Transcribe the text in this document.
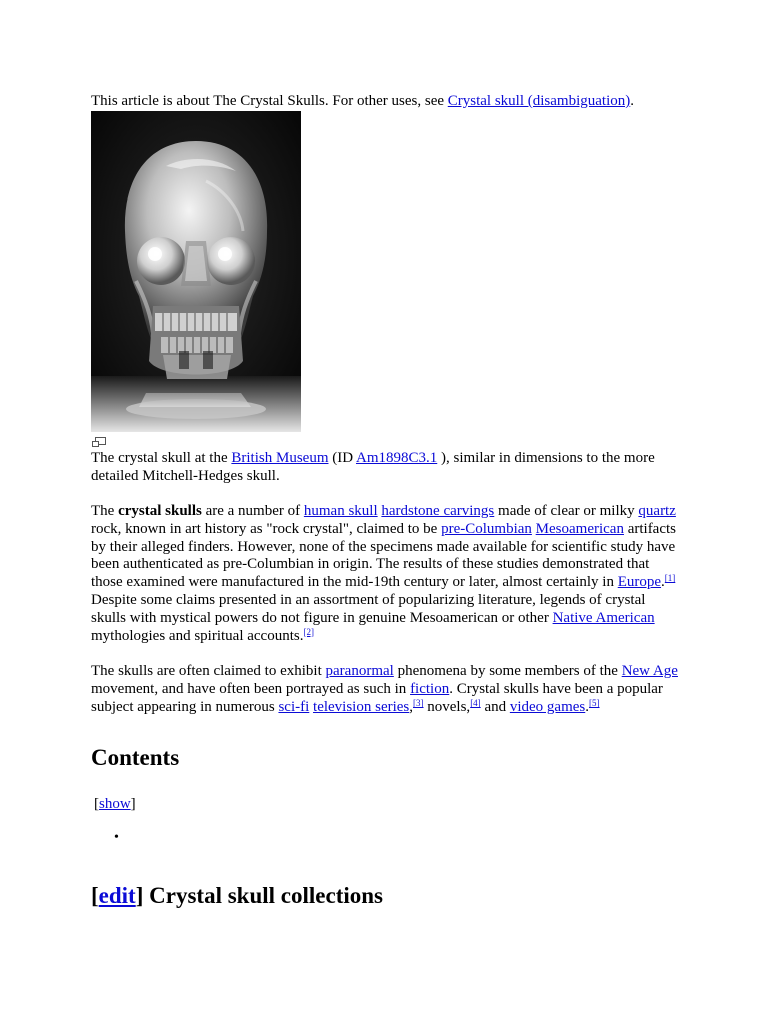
This article is about The Crystal Skulls. For other uses, see Crystal skull (disambiguation).

The crystal skull at the British Museum (ID Am1898C3.1 ), similar in dimensions to the more detailed Mitchell-Hedges skull.

The crystal skulls are a number of human skull hardstone carvings made of clear or milky quartz rock, known in art history as "rock crystal", claimed to be pre-Columbian Mesoamerican artifacts by their alleged finders. However, none of the specimens made available for scientific study have been authenticated as pre-Columbian in origin. The results of these studies demonstrated that those examined were manufactured in the mid-19th century or later, almost certainly in Europe.[1] Despite some claims presented in an assortment of popularizing literature, legends of crystal skulls with mystical powers do not figure in genuine Mesoamerican or other Native American mythologies and spiritual accounts.[2]

The skulls are often claimed to exhibit paranormal phenomena by some members of the New Age movement, and have often been portrayed as such in fiction. Crystal skulls have been a popular subject appearing in numerous sci-fi television series,[3] novels,[4] and video games.[5]

Contents
[show]
•
[edit] Crystal skull collections
